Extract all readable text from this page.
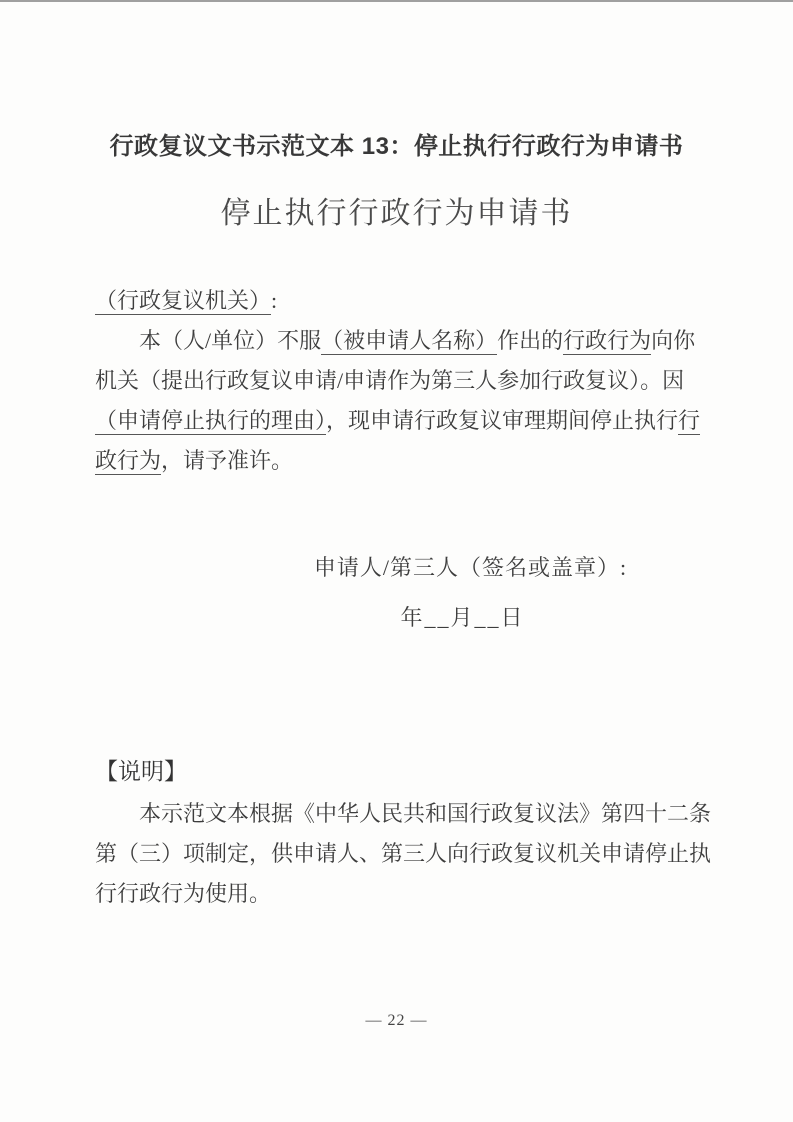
行政复议文书示范文本 13：停止执行行政行为申请书
停止执行行政行为申请书
（行政复议机关）:
本（人/单位）不服（被申请人名称）作出的行政行为向你
机关（提出行政复议申请/申请作为第三人参加行政复议）。因
（申请停止执行的理由），现申请行政复议审理期间停止执行行
政行为，请予准许。
申请人/第三人（签名或盖章）:
年__月__日
【说明】
本示范文本根据《中华人民共和国行政复议法》第四十二条
第（三）项制定，供申请人、第三人向行政复议机关申请停止执
行行政行为使用。
— 22 —
